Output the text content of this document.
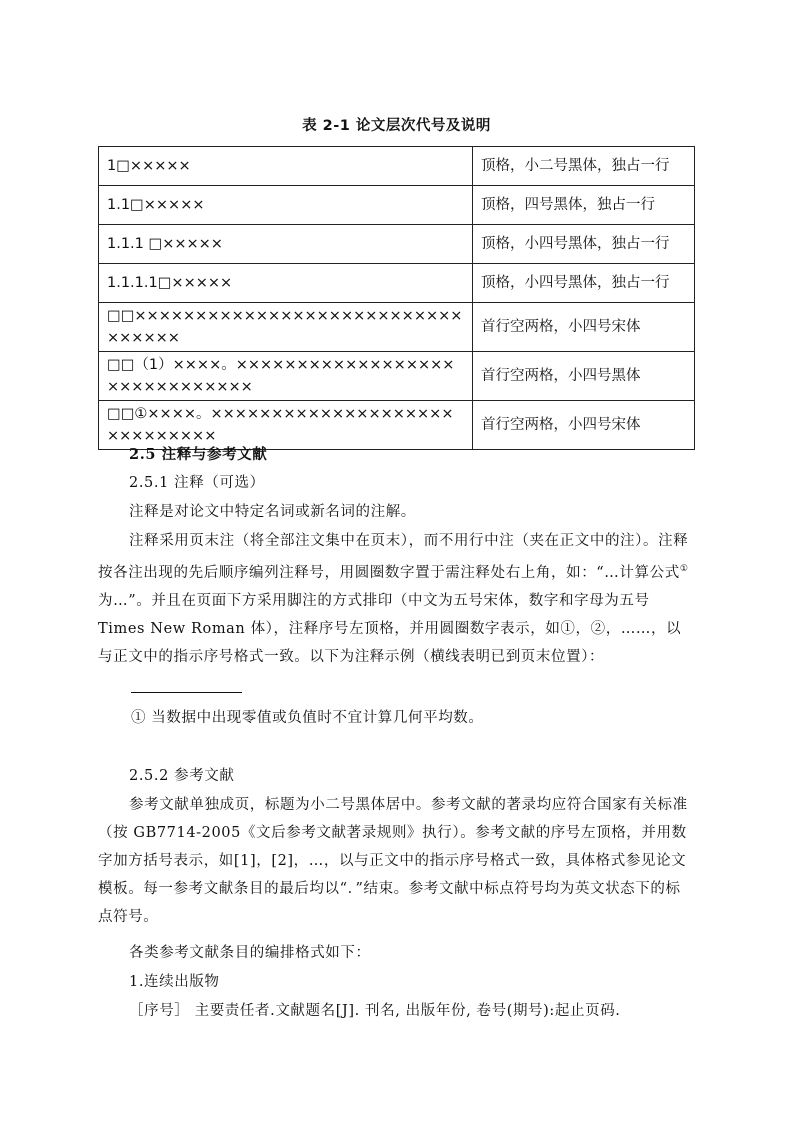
表 2-1 论文层次代号及说明
1□×××××	顶格，小二号黑体，独占一行
1.1□×××××	顶格，四号黑体，独占一行
1.1.1 □×××××	顶格，小四号黑体，独占一行
1.1.1.1□×××××	顶格，小四号黑体，独占一行
□□×××××××××××××××××××××××××××××××××	首行空两格，小四号宋体
□□（1）××××。××××××××××××××××××××××××××××××	首行空两格，小四号黑体
□□①××××。×××××××××××××××××××××××××××××	首行空两格，小四号宋体

2.5 注释与参考文献

2.5.1 注释（可选）

注释是对论文中特定名词或新名词的注解。

注释采用页末注（将全部注文集中在页末），而不用行中注（夹在正文中的注）。注释按各注出现的先后顺序编列注释号，用圆圈数字置于需注释处右上角，如：“…计算公式①为…”。并且在页面下方采用脚注的方式排印（中文为五号宋体，数字和字母为五号 Times New Roman 体），注释序号左顶格，并用圆圈数字表示，如①，②，……，以与正文中的指示序号格式一致。以下为注释示例（横线表明已到页末位置）：

① 当数据中出现零值或负值时不宜计算几何平均数。

2.5.2 参考文献

参考文献单独成页，标题为小二号黑体居中。参考文献的著录均应符合国家有关标准（按 GB7714-2005《文后参考文献著录规则》执行）。参考文献的序号左顶格，并用数字加方括号表示，如[1]，[2]，…，以与正文中的指示序号格式一致，具体格式参见论文模板。每一参考文献条目的最后均以“．”结束。参考文献中标点符号均为英文状态下的标点符号。

各类参考文献条目的编排格式如下：

1.连续出版物

［序号］ 主要责任者.文献题名[J]. 刊名, 出版年份, 卷号(期号):起止页码.
